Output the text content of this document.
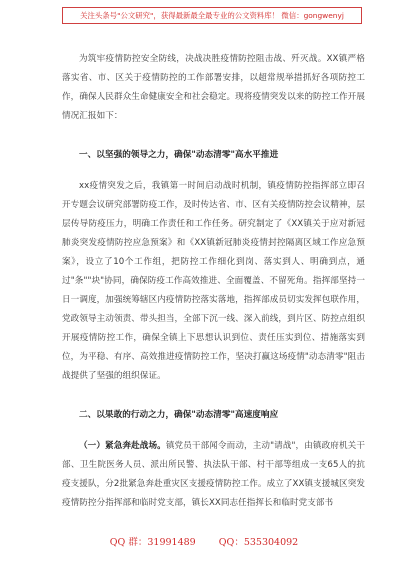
关注头条号"公文研究"，获得最新最全最专业的公文资料库！ 微信：gongwenyj

为筑牢疫情防控安全防线，决战决胜疫情防控阻击战、歼灭战。XX镇严格落实省、市、区关于疫情防控的工作部署安排，以超常规举措抓好各项防控工作，确保人民群众生命健康安全和社会稳定。现将疫情突发以来的防控工作开展情况汇报如下：

一、以坚强的领导之力，确保"动态清零"高水平推进

xx疫情突发之后，我镇第一时间启动战时机制，镇疫情防控指挥部立即召开专题会议研究部署防疫工作，及时传达省、市、区有关疫情防控会议精神，层层传导防疫压力，明确工作责任和工作任务。研究制定了《XX镇关于应对新冠肺炎突发疫情防控应急预案》和《XX镇新冠肺炎疫情封控隔离区域工作应急预案》，设立了10个工作组，把防控工作细化到岗、落实到人、明确到点，通过"条""块"协同，确保防疫工作高效推进、全面覆盖、不留死角。指挥部坚持一日一调度，加强统筹辖区内疫情防控落实落地，指挥部成员切实发挥包联作用，党政领导主动领责、带头担当，全部下沉一线、深入前线，到片区、防控点组织开展疫情防控工作，确保全镇上下思想认识到位、责任压实到位、措施落实到位，为平稳、有序、高效推进疫情防控工作，坚决打赢这场疫情"动态清零"阻击战提供了坚强的组织保证。

二、以果敢的行动之力，确保"动态清零"高速度响应

（一）紧急奔赴战场。镇党员干部闻令而动，主动"请战"，由镇政府机关干部、卫生院医务人员、派出所民警、执法队干部、村干部等组成一支65人的抗疫支援队，分2批紧急奔赴重灾区支援疫情防控工作。成立了XX镇支援城区突发疫情防控分指挥部和临时党支部，镇长XX同志任指挥长和临时党支部书

QQ 群：31991489 QQ：535304092
